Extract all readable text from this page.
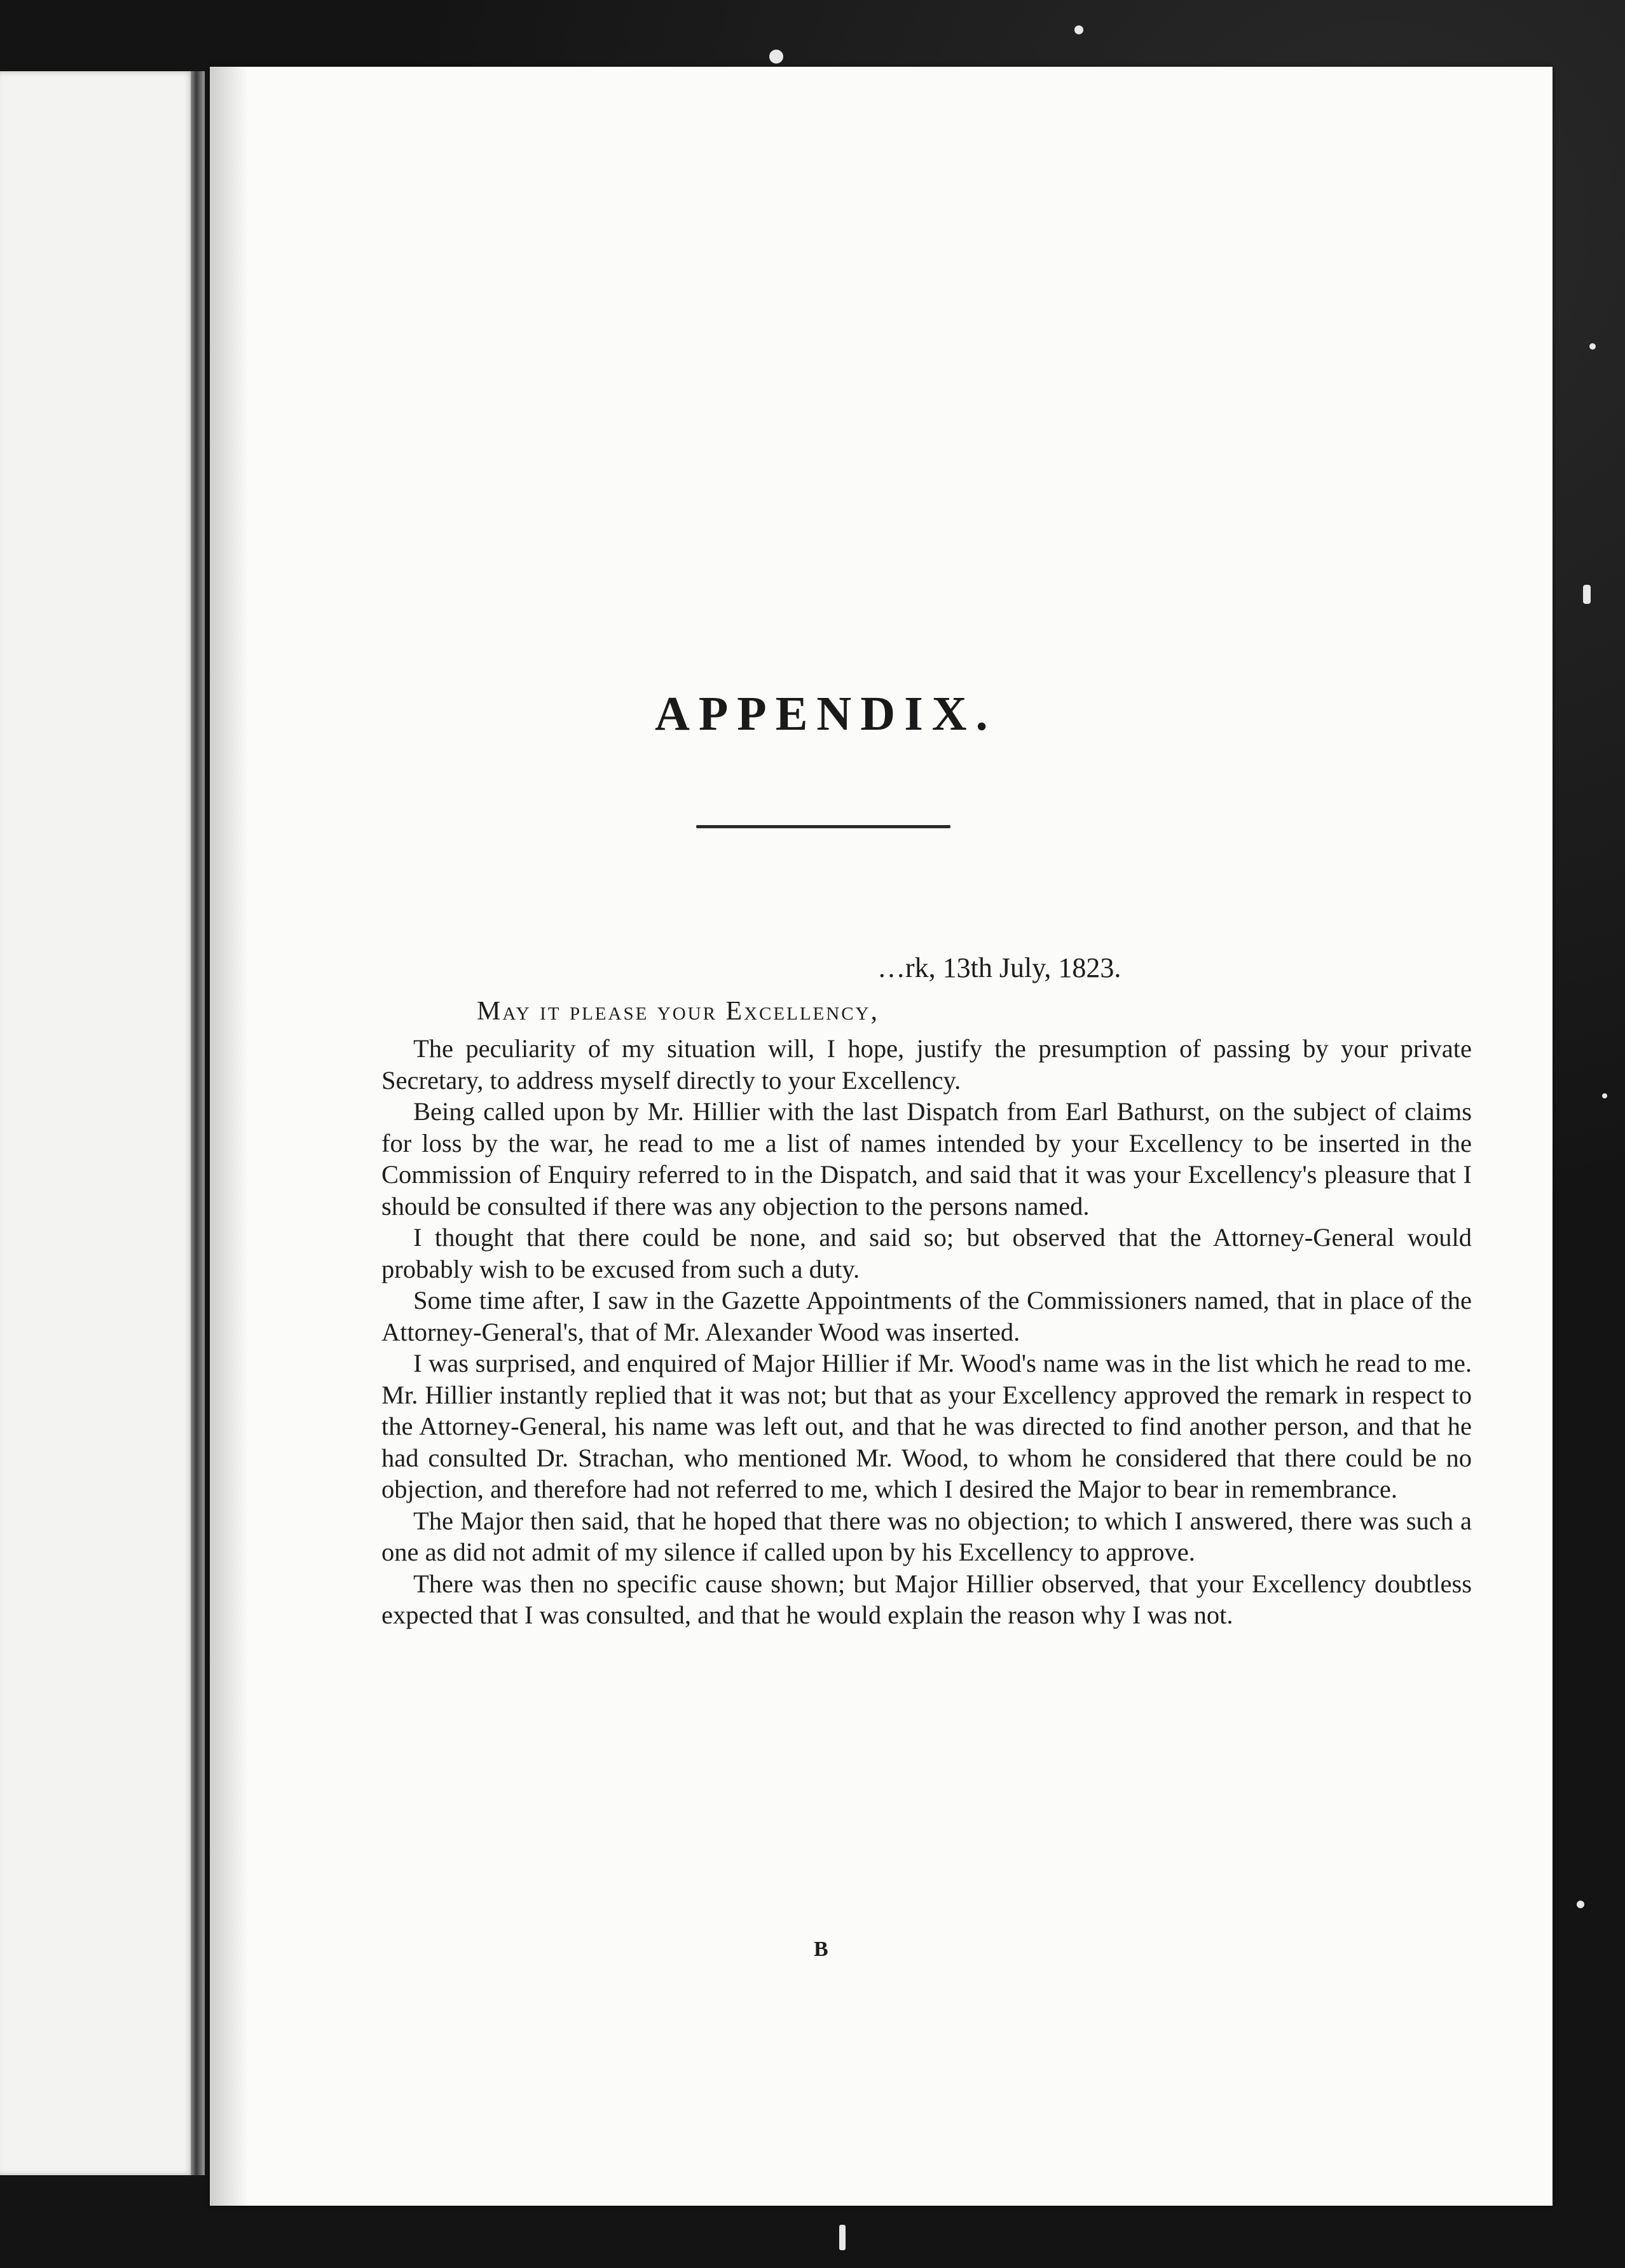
APPENDIX.
…rk, 13th July, 1823.
May it please your Excellency,

The peculiarity of my situation will, I hope, justify the presumption of passing by your private Secretary, to address myself directly to your Excellency.

Being called upon by Mr. Hillier with the last Dispatch from Earl Bathurst, on the subject of claims for loss by the war, he read to me a list of names intended by your Excellency to be inserted in the Commission of Enquiry referred to in the Dispatch, and said that it was your Excellency's pleasure that I should be consulted if there was any objection to the persons named.

I thought that there could be none, and said so; but observed that the Attorney-General would probably wish to be excused from such a duty.

Some time after, I saw in the Gazette Appointments of the Commissioners named, that in place of the Attorney-General's, that of Mr. Alexander Wood was inserted.

I was surprised, and enquired of Major Hillier if Mr. Wood's name was in the list which he read to me. Mr. Hillier instantly replied that it was not; but that as your Excellency approved the remark in respect to the Attorney-General, his name was left out, and that he was directed to find another person, and that he had consulted Dr. Strachan, who mentioned Mr. Wood, to whom he considered that there could be no objection, and therefore had not referred to me, which I desired the Major to bear in remembrance.

The Major then said, that he hoped that there was no objection; to which I answered, there was such a one as did not admit of my silence if called upon by his Excellency to approve.

There was then no specific cause shown; but Major Hillier observed, that your Excellency doubtless expected that I was consulted, and that he would explain the reason why I was not.

B
